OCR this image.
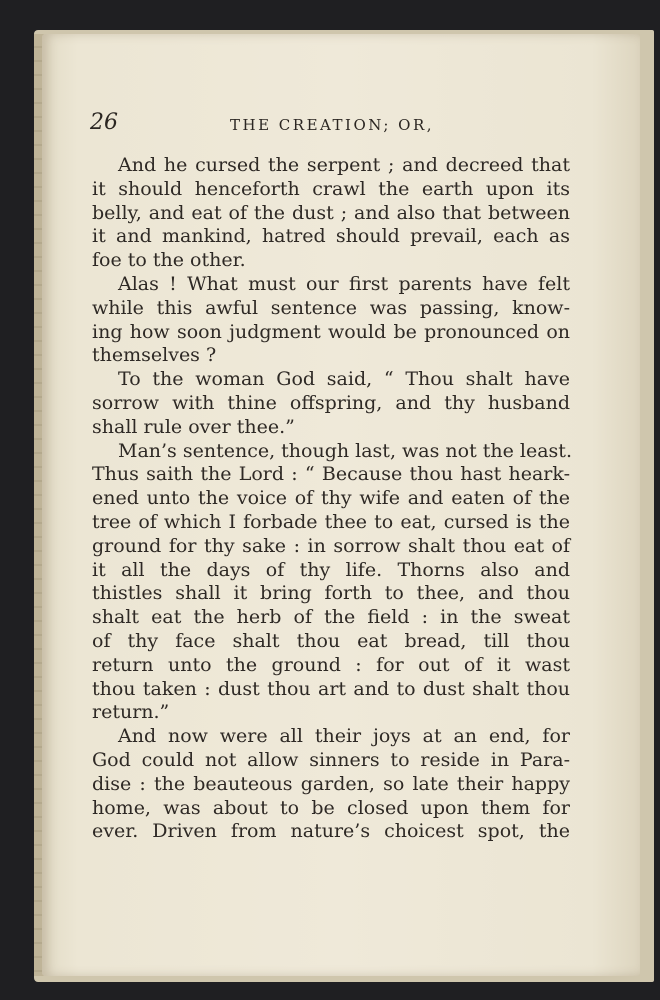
26	THE CREATION; OR,
And he cursed the serpent ; and decreed that
it should henceforth crawl the earth upon its
belly, and eat of the dust ; and also that between
it and mankind, hatred should prevail, each as
foe to the other.
Alas ! What must our first parents have felt
while this awful sentence was passing, know-
ing how soon judgment would be pronounced on
themselves ?
To the woman God said, “ Thou shalt have
sorrow with thine offspring, and thy husband
shall rule over thee.”
Man’s sentence, though last, was not the least.
Thus saith the Lord : “ Because thou hast heark-
ened unto the voice of thy wife and eaten of the
tree of which I forbade thee to eat, cursed is the
ground for thy sake : in sorrow shalt thou eat of
it all the days of thy life. Thorns also and
thistles shall it bring forth to thee, and thou
shalt eat the herb of the field : in the sweat
of thy face shalt thou eat bread, till thou
return unto the ground : for out of it wast
thou taken : dust thou art and to dust shalt thou
return.”
And now were all their joys at an end, for
God could not allow sinners to reside in Para-
dise : the beauteous garden, so late their happy
home, was about to be closed upon them for
ever. Driven from nature’s choicest spot, the
